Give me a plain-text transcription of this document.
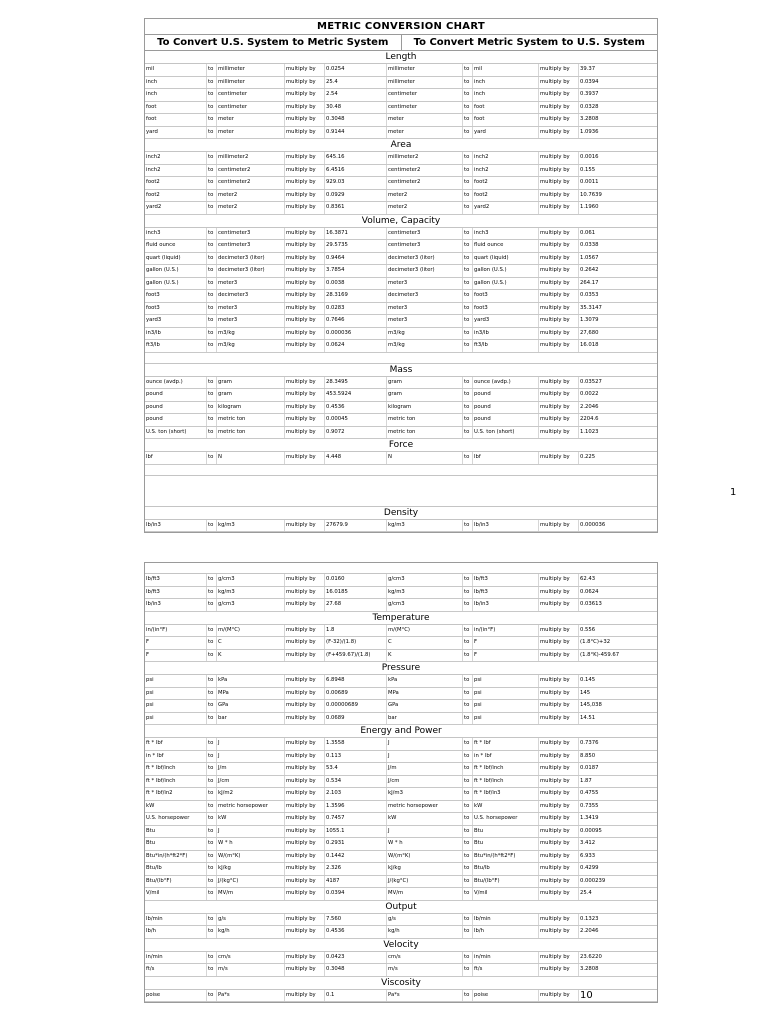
METRIC CONVERSION CHART
To Convert U.S. System to Metric System	To Convert Metric System to U.S. System
Length
mil	to millimeter	multiply by	0.0254	millimeter	to mil	multiply by	39.37
inch	to millimeter	multiply by	25.4	millimeter	to inch	multiply by	0.0394
inch	to centimeter	multiply by	2.54	centimeter	to inch	multiply by	0.3937
foot	to centimeter	multiply by	30.48	centimeter	to foot	multiply by	0.0328
foot	to meter	multiply by	0.3048	meter	to foot	multiply by	3.2808
yard	to meter	multiply by	0.9144	meter	to yard	multiply by	1.0936
Area
inch2	to millimeter2	multiply by	645.16	millimeter2	to inch2	multiply by	0.0016
inch2	to centimeter2	multiply by	6.4516	centimeter2	to inch2	multiply by	0.155
foot2	to centimeter2	multiply by	929.03	centimeter2	to foot2	multiply by	0.0011
foot2	to meter2	multiply by	0.0929	meter2	to foot2	multiply by	10.7639
yard2	to meter2	multiply by	0.8361	meter2	to yard2	multiply by	1.1960
Volume, Capacity
inch3	to centimeter3	multiply by	16.3871	centimeter3	to inch3	multiply by	0.061
fluid ounce	to centimeter3	multiply by	29.5735	centimeter3	to fluid ounce	multiply by	0.0338
quart (liquid)	to decimeter3 (liter)	multiply by	0.9464	decimeter3 (liter)	to quart (liquid)	multiply by	1.0567
gallon (U.S.)	to decimeter3 (liter)	multiply by	3.7854	decimeter3 (liter)	to gallon (U.S.)	multiply by	0.2642
gallon (U.S.)	to meter3	multiply by	0.0038	meter3	to gallon (U.S.)	multiply by	264.17
foot3	to decimeter3	multiply by	28.3169	decimeter3	to foot3	multiply by	0.0353
foot3	to meter3	multiply by	0.0283	meter3	to foot3	multiply by	35.3147
yard3	to meter3	multiply by	0.7646	meter3	to yard3	multiply by	1.3079
in3/lb	to m3/kg	multiply by	0.000036	m3/kg	to in3/lb	multiply by	27,680
ft3/lb	to m3/kg	multiply by	0.0624	m3/kg	to ft3/lb	multiply by	16.018
Mass
ounce (avdp.)	to gram	multiply by	28.3495	gram	to ounce (avdp.)	multiply by	0.03527
pound	to gram	multiply by	453.5924	gram	to pound	multiply by	0.0022
pound	to kilogram	multiply by	0.4536	kilogram	to pound	multiply by	2.2046
pound	to metric ton	multiply by	0.00045	metric ton	to pound	multiply by	2204.6
U.S. ton (short)	to metric ton	multiply by	0.9072	metric ton	to U.S. ton (short)	multiply by	1.1023
Force
lbf	to N	multiply by	4.448	N	to lbf	multiply by	0.225
Density
lb/in3	to kg/m3	multiply by	27679.9	kg/m3	to lb/in3	multiply by	0.000036
1
lb/ft3	to g/cm3	multiply by	0.0160	g/cm3	to lb/ft3	multiply by	62.43
lb/ft3	to kg/m3	multiply by	16.0185	kg/m3	to lb/ft3	multiply by	0.0624
lb/in3	to g/cm3	multiply by	27.68	g/cm3	to lb/in3	multiply by	0.03613
Temperature
in/(in°F)	to m/(M°C)	multiply by	1.8	m/(M°C)	to in/(in°F)	multiply by	0.556
F	to C	multiply by	(F-32)/(1.8)	C	to F	multiply by	(1.8°C)+32
F	to K	multiply by	(F+459.67)/(1.8)	K	to F	multiply by	(1.8°K)-459.67
Pressure
psi	to kPa	multiply by	6.8948	kPa	to psi	multiply by	0.145
psi	to MPa	multiply by	0.00689	MPa	to psi	multiply by	145
psi	to GPa	multiply by	0.00000689	GPa	to psi	multiply by	145,038
psi	to bar	multiply by	0.0689	bar	to psi	multiply by	14.51
Energy and Power
ft * lbf	to J	multiply by	1.3558	J	to ft * lbf	multiply by	0.7376
in * lbf	to J	multiply by	0.113	J	to in * lbf	multiply by	8.850
ft * lbf/inch	to J/m	multiply by	53.4	J/m	to ft * lbf/inch	multiply by	0.0187
ft * lbf/inch	to J/cm	multiply by	0.534	J/cm	to ft * lbf/inch	multiply by	1.87
ft * lbf/in2	to kJ/m2	multiply by	2.103	kJ/m3	to ft * lbf/in3	multiply by	0.4755
kW	to metric horsepower	multiply by	1.3596	metric horsepower	to kW	multiply by	0.7355
U.S. horsepower	to kW	multiply by	0.7457	kW	to U.S. horsepower	multiply by	1.3419
Btu	to J	multiply by	1055.1	J	to Btu	multiply by	0.00095
Btu	to W * h	multiply by	0.2931	W * h	to Btu	multiply by	3.412
Btu*in/(h*ft2*F)	to W/(m°K)	multiply by	0.1442	W/(m°K)	to Btu*in/(h*ft2*F)	multiply by	6.933
Btu/lb	to kJ/kg	multiply by	2.326	kJ/kg	to Btu/lb	multiply by	0.4299
Btu/(lb°F)	to J/(kg°C)	multiply by	4187	J/(kg°C)	to Btu/(lb°F)	multiply by	0.000239
V/mil	to MV/m	multiply by	0.0394	MV/m	to V/mil	multiply by	25.4
Output
lb/min	to g/s	multiply by	7.560	g/s	to lb/min	multiply by	0.1323
lb/h	to kg/h	multiply by	0.4536	kg/h	to lb/h	multiply by	2.2046
Velocity
in/min	to cm/s	multiply by	0.0423	cm/s	to in/min	multiply by	23.6220
ft/s	to m/s	multiply by	0.3048	m/s	to ft/s	multiply by	3.2808
Viscosity
poise	to Pa*s	multiply by	0.1	Pa*s	to poise	multiply by	10
